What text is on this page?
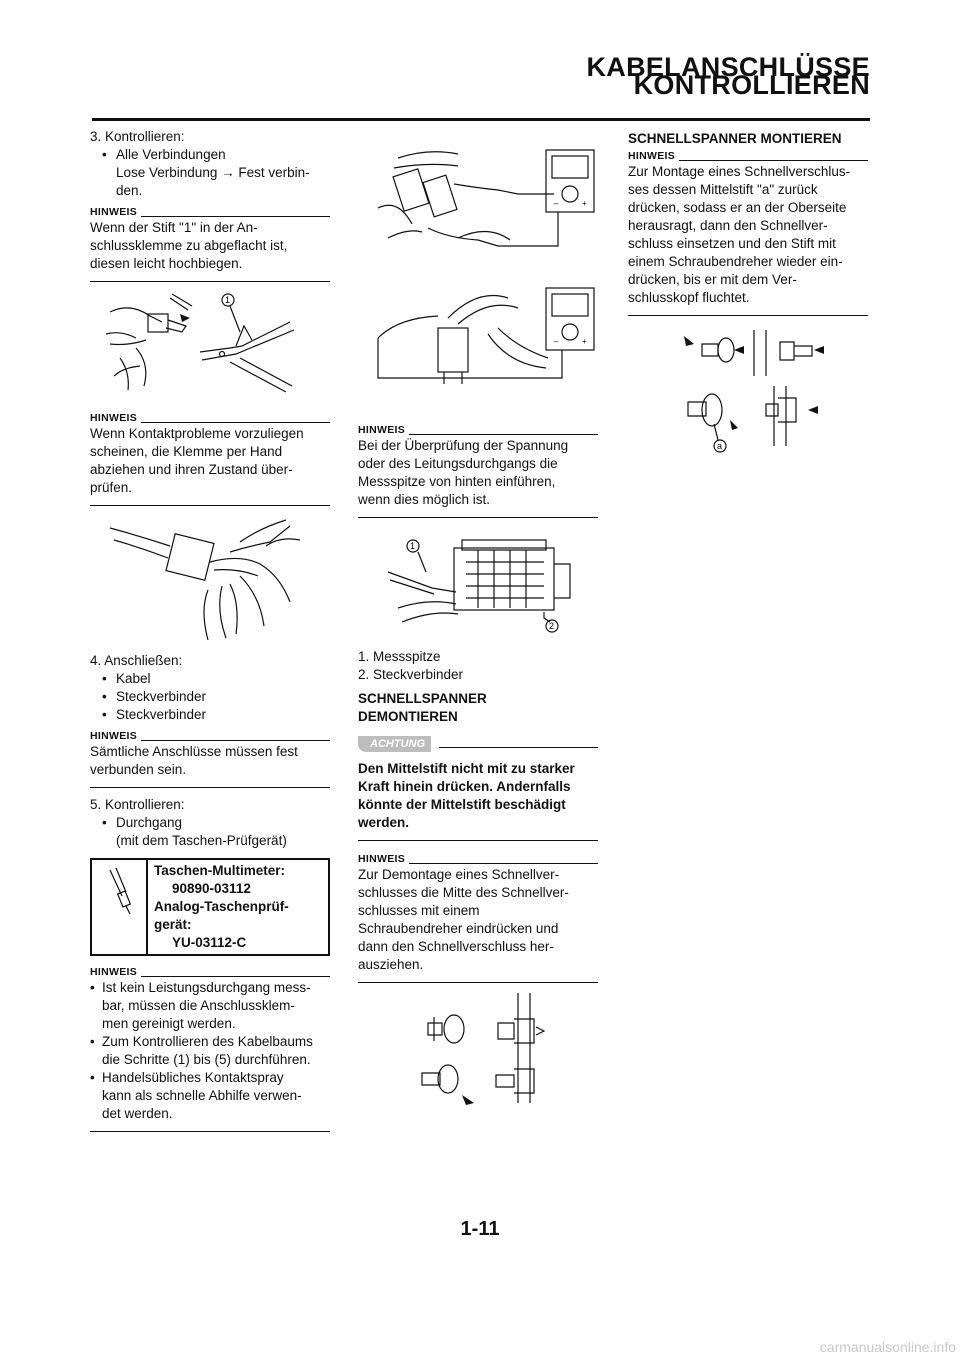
KABELANSCHLÜSSE KONTROLLIEREN
3. Kontrollieren:
• Alle Verbindungen
Lose Verbindung → Fest verbin-
den.
HINWEIS
Wenn der Stift "1" in der An-
schlussklemme zu abgeflacht ist,
diesen leicht hochbiegen.
1
HINWEIS
Wenn Kontaktprobleme vorzuliegen
scheinen, die Klemme per Hand
abziehen und ihren Zustand über-
prüfen.
4. Anschließen:
• Kabel
• Steckverbinder
• Steckverbinder
HINWEIS
Sämtliche Anschlüsse müssen fest
verbunden sein.
5. Kontrollieren:
• Durchgang
(mit dem Taschen-Prüfgerät)
Taschen-Multimeter:
90890-03112
Analog-Taschenprüf-
gerät:
YU-03112-C
HINWEIS
• Ist kein Leistungsdurchgang mess-
bar, müssen die Anschlussklem-
men gereinigt werden.
• Zum Kontrollieren des Kabelbaums
die Schritte (1) bis (5) durchführen.
• Handelsübliches Kontaktspray
kann als schnelle Abhilfe verwen-
det werden.
–	+
–	+
HINWEIS
Bei der Überprüfung der Spannung
oder des Leitungsdurchgangs die
Messspitze von hinten einführen,
wenn dies möglich ist.
1
2
1. Messspitze
2. Steckverbinder
SCHNELLSPANNER
DEMONTIEREN
ACHTUNG
Den Mittelstift nicht mit zu starker
Kraft hinein drücken. Andernfalls
könnte der Mittelstift beschädigt
werden.
HINWEIS
Zur Demontage eines Schnellver-
schlusses die Mitte des Schnellver-
schlusses mit einem
Schraubendreher eindrücken und
dann den Schnellverschluss her-
ausziehen.
SCHNELLSPANNER MONTIEREN
HINWEIS
Zur Montage eines Schnellverschlus-
ses dessen Mittelstift "a" zurück
drücken, sodass er an der Oberseite
herausragt, dann den Schnellver-
schluss einsetzen und den Stift mit
einem Schraubendreher wieder ein-
drücken, bis er mit dem Ver-
schlusskopf fluchtet.
a
1-11
carmanualsonline.info
